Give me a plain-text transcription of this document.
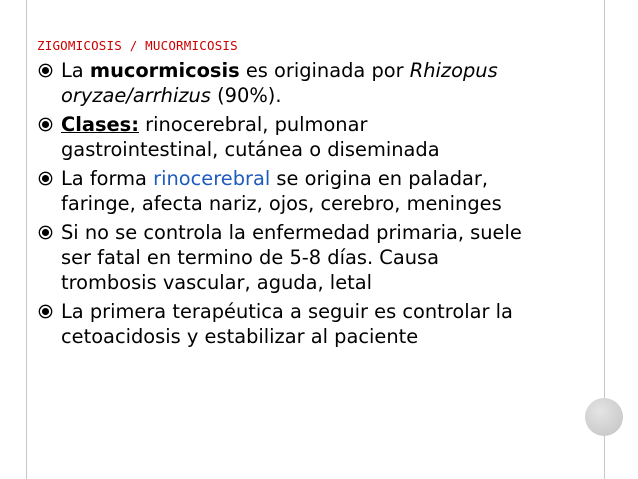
ZIGOMICOSIS / MUCORMICOSIS
La mucormicosis es originada por Rhizopus
oryzae/arrhizus (90%).
Clases: rinocerebral, pulmonar
gastrointestinal, cutánea o diseminada
La forma rinocerebral se origina en paladar,
faringe, afecta nariz, ojos, cerebro, meninges
Si no se controla la enfermedad primaria, suele
ser fatal en termino de 5-8 días. Causa
trombosis vascular, aguda, letal
La primera terapéutica a seguir es controlar la
cetoacidosis y estabilizar al paciente
